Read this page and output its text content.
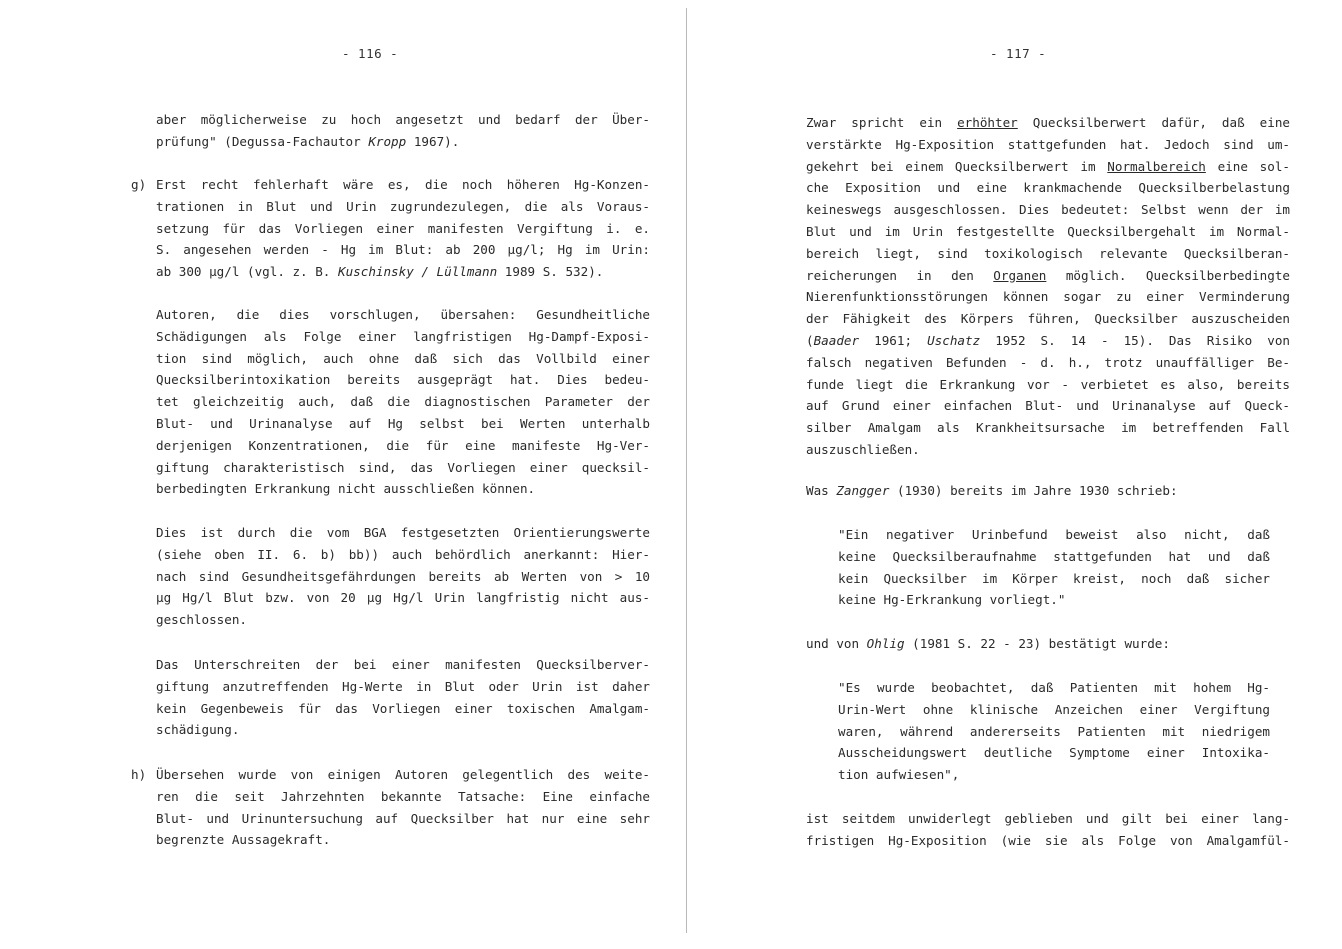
- 116 -
aber möglicherweise zu hoch angesetzt und bedarf der Über-
prüfung" (Degussa-Fachautor Kropp 1967).
g) Erst recht fehlerhaft wäre es, die noch höheren Hg-Konzen-
trationen in Blut und Urin zugrundezulegen, die als Voraus-
setzung für das Vorliegen einer manifesten Vergiftung i. e.
S. angesehen werden - Hg im Blut: ab 200 µg/l; Hg im Urin:
ab 300 µg/l (vgl. z. B. Kuschinsky / Lüllmann 1989 S. 532).
Autoren, die dies vorschlugen, übersahen: Gesundheitliche
Schädigungen als Folge einer langfristigen Hg-Dampf-Exposi-
tion sind möglich, auch ohne daß sich das Vollbild einer
Quecksilberintoxikation bereits ausgeprägt hat. Dies bedeu-
tet gleichzeitig auch, daß die diagnostischen Parameter der
Blut- und Urinanalyse auf Hg selbst bei Werten unterhalb
derjenigen Konzentrationen, die für eine manifeste Hg-Ver-
giftung charakteristisch sind, das Vorliegen einer quecksil-
berbedingten Erkrankung nicht ausschließen können.
Dies ist durch die vom BGA festgesetzten Orientierungswerte
(siehe oben II. 6. b) bb)) auch behördlich anerkannt: Hier-
nach sind Gesundheitsgefährdungen bereits ab Werten von > 10
µg Hg/l Blut bzw. von 20 µg Hg/l Urin langfristig nicht aus-
geschlossen.
Das Unterschreiten der bei einer manifesten Quecksilberver-
giftung anzutreffenden Hg-Werte in Blut oder Urin ist daher
kein Gegenbeweis für das Vorliegen einer toxischen Amalgam-
schädigung.
h) Übersehen wurde von einigen Autoren gelegentlich des weite-
ren die seit Jahrzehnten bekannte Tatsache: Eine einfache
Blut- und Urinuntersuchung auf Quecksilber hat nur eine sehr
begrenzte Aussagekraft.
- 117 -
Zwar spricht ein erhöhter Quecksilberwert dafür, daß eine
verstärkte Hg-Exposition stattgefunden hat. Jedoch sind um-
gekehrt bei einem Quecksilberwert im Normalbereich eine sol-
che Exposition und eine krankmachende Quecksilberbelastung
keineswegs ausgeschlossen. Dies bedeutet: Selbst wenn der im
Blut und im Urin festgestellte Quecksilbergehalt im Normal-
bereich liegt, sind toxikologisch relevante Quecksilberan-
reicherungen in den Organen möglich. Quecksilberbedingte
Nierenfunktionsstörungen können sogar zu einer Verminderung
der Fähigkeit des Körpers führen, Quecksilber auszuscheiden
(Baader 1961; Uschatz 1952 S. 14 - 15). Das Risiko von
falsch negativen Befunden - d. h., trotz unauffälliger Be-
funde liegt die Erkrankung vor - verbietet es also, bereits
auf Grund einer einfachen Blut- und Urinanalyse auf Queck-
silber Amalgam als Krankheitsursache im betreffenden Fall
auszuschließen.
Was Zangger (1930) bereits im Jahre 1930 schrieb:
"Ein negativer Urinbefund beweist also nicht, daß
keine Quecksilberaufnahme stattgefunden hat und daß
kein Quecksilber im Körper kreist, noch daß sicher
keine Hg-Erkrankung vorliegt."
und von Ohlig (1981 S. 22 - 23) bestätigt wurde:
"Es wurde beobachtet, daß Patienten mit hohem Hg-
Urin-Wert ohne klinische Anzeichen einer Vergiftung
waren, während andererseits Patienten mit niedrigem
Ausscheidungswert deutliche Symptome einer Intoxika-
tion aufwiesen",
ist seitdem unwiderlegt geblieben und gilt bei einer lang-
fristigen Hg-Exposition (wie sie als Folge von Amalgamfül-
